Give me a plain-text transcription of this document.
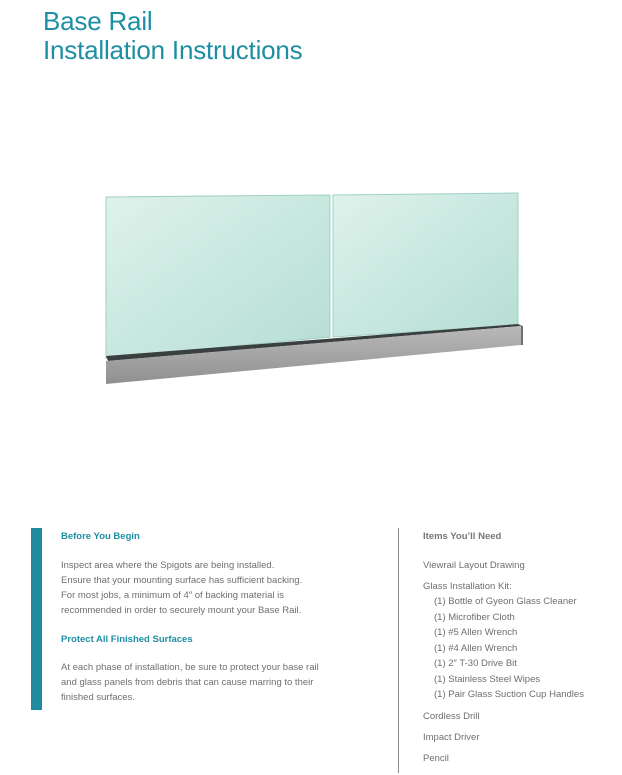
Base Rail
Installation Instructions

Before You Begin

Inspect area where the Spigots are being installed.
Ensure that your mounting surface has sufficient backing.
For most jobs, a minimum of 4″ of backing material is
recommended in order to securely mount your Base Rail.

Protect All Finished Surfaces

At each phase of installation, be sure to protect your base rail
and glass panels from debris that can cause marring to their
finished surfaces.

Items You’ll Need
Viewrail Layout Drawing
Glass Installation Kit:
(1) Bottle of Gyeon Glass Cleaner
(1) Microfiber Cloth
(1) #5 Allen Wrench
(1) #4 Allen Wrench
(1) 2″ T-30 Drive Bit
(1) Stainless Steel Wipes
(1) Pair Glass Suction Cup Handles
Cordless Drill
Impact Driver
Pencil
